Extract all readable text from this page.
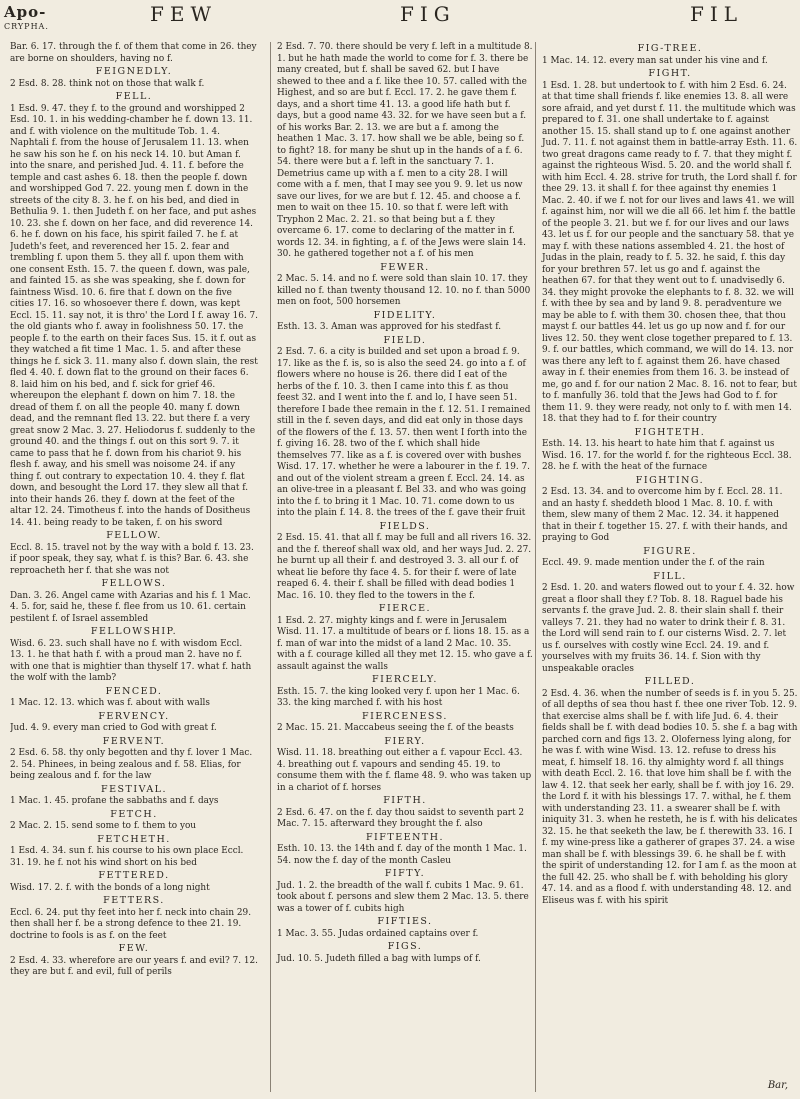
Apo-
CRYPHA.
FEW	FIG	FIL
Bar. 6. 17. through the f. of them that come in 26. they are borne on shoulders, having no f.
FEIGNEDLY.
2 Esd. 8. 28. think not on those that walk f.
FELL.
1 Esd. 9. 47. they f. to the ground and worshipped 2 Esd. 10. 1. in his wedding-chamber he f. down 13. 11. and f. with violence on the multitude Tob. 1. 4. Naphtali f. from the house of Jerusalem 11. 13. when he saw his son he f. on his neck 14. 10. but Aman f. into the snare, and perished Jud. 4. 11. f. before the temple and cast ashes 6. 18. then the people f. down and worshipped God 7. 22. young men f. down in the streets of the city 8. 3. he f. on his bed, and died in Bethulia 9. 1. then Judeth f. on her face, and put ashes 10. 23. she f. down on her face, and did reverence 14. 6. he f. down on his face, his spirit failed 7. he f. at Judeth's feet, and reverenced her 15. 2. fear and trembling f. upon them 5. they all f. upon them with one consent Esth. 15. 7. the queen f. down, was pale, and fainted 15. as she was speaking, she f. down for faintness Wisd. 10. 6. fire that f. down on the five cities 17. 16. so whosoever there f. down, was kept Eccl. 15. 11. say not, it is thro' the Lord I f. away 16. 7. the old giants who f. away in foolishness 50. 17. the people f. to the earth on their faces Sus. 15. it f. out as they watched a fit time 1 Mac. 1. 5. and after these things he f. sick 3. 11. many also f. down slain, the rest fled 4. 40. f. down flat to the ground on their faces 6. 8. laid him on his bed, and f. sick for grief 46. whereupon the elephant f. down on him 7. 18. the dread of them f. on all the people 40. many f. down dead, and the remnant fled 13. 22. but there f. a very great snow 2 Mac. 3. 27. Heliodorus f. suddenly to the ground 40. and the things f. out on this sort 9. 7. it came to pass that he f. down from his chariot 9. his flesh f. away, and his smell was noisome 24. if any thing f. out contrary to expectation 10. 4. they f. flat down, and besought the Lord 17. they slew all that f. into their hands 26. they f. down at the feet of the altar 12. 24. Timotheus f. into the hands of Dositheus 14. 41. being ready to be taken, f. on his sword
FELLOW.
Eccl. 8. 15. travel not by the way with a bold f. 13. 23. if poor speak, they say, what f. is this? Bar. 6. 43. she reproacheth her f. that she was not
FELLOWS.
Dan. 3. 26. Angel came with Azarias and his f. 1 Mac. 4. 5. for, said he, these f. flee from us 10. 61. certain pestilent f. of Israel assembled
FELLOWSHIP.
Wisd. 6. 23. such shall have no f. with wisdom Eccl. 13. 1. he that hath f. with a proud man 2. have no f. with one that is mightier than thyself 17. what f. hath the wolf with the lamb?
FENCED.
1 Mac. 12. 13. which was f. about with walls
FERVENCY.
Jud. 4. 9. every man cried to God with great f.
FERVENT.
2 Esd. 6. 58. thy only begotten and thy f. lover 1 Mac. 2. 54. Phinees, in being zealous and f. 58. Elias, for being zealous and f. for the law
FESTIVAL.
1 Mac. 1. 45. profane the sabbaths and f. days
FETCH.
2 Mac. 2. 15. send some to f. them to you
FETCHETH.
1 Esd. 4. 34. sun f. his course to his own place Eccl. 31. 19. he f. not his wind short on his bed
FETTERED.
Wisd. 17. 2. f. with the bonds of a long night
FETTERS.
Eccl. 6. 24. put thy feet into her f. neck into chain 29. then shall her f. be a strong defence to thee 21. 19. doctrine to fools is as f. on the feet
FEW.
2 Esd. 4. 33. wherefore are our years f. and evil? 7. 12. they are but f. and evil, full of perils
2 Esd. 7. 70. there should be very f. left in a multitude 8. 1. but he hath made the world to come for f. 3. there be many created, but f. shall be saved 62. but I have shewed to thee and a f. like thee 10. 57. called with the Highest, and so are but f. Eccl. 17. 2. he gave them f. days, and a short time 41. 13. a good life hath but f. days, but a good name 43. 32. for we have seen but a f. of his works Bar. 2. 13. we are but a f. among the heathen 1 Mac. 3. 17. how shall we be able, being so f. to fight? 18. for many be shut up in the hands of a f. 6. 54. there were but a f. left in the sanctuary 7. 1. Demetrius came up with a f. men to a city 28. I will come with a f. men, that I may see you 9. 9. let us now save our lives, for we are but f. 12. 45. and choose a f. men to wait on thee 15. 10. so that f. were left with Tryphon 2 Mac. 2. 21. so that being but a f. they overcame 6. 17. come to declaring of the matter in f. words 12. 34. in fighting, a f. of the Jews were slain 14. 30. he gathered together not a f. of his men
FEWER.
2 Mac. 5. 14. and no f. were sold than slain 10. 17. they killed no f. than twenty thousand 12. 10. no f. than 5000 men on foot, 500 horsemen
FIDELITY.
Esth. 13. 3. Aman was approved for his stedfast f.
FIELD.
2 Esd. 7. 6. a city is builded and set upon a broad f. 9. 17. like as the f. is, so is also the seed 24. go into a f. of flowers where no house is 26. there did I eat of the herbs of the f. 10. 3. then I came into this f. as thou feest 32. and I went into the f. and lo, I have seen 51. therefore I bade thee remain in the f. 12. 51. I remained still in the f. seven days, and did eat only in those days of the flowers of the f. 13. 57. then went I forth into the f. giving 16. 28. two of the f. which shall hide themselves 77. like as a f. is covered over with bushes Wisd. 17. 17. whether he were a labourer in the f. 19. 7. and out of the violent stream a green f. Eccl. 24. 14. as an olive-tree in a pleasant f. Bel 33. and who was going into the f. to bring it 1 Mac. 10. 71. come down to us into the plain f. 14. 8. the trees of the f. gave their fruit
FIELDS.
2 Esd. 15. 41. that all f. may be full and all rivers 16. 32. and the f. thereof shall wax old, and her ways Jud. 2. 27. he burnt up all their f. and destroyed 3. 3. all our f. of wheat lie before thy face 4. 5. for their f. were of late reaped 6. 4. their f. shall be filled with dead bodies 1 Mac. 16. 10. they fled to the towers in the f.
FIERCE.
1 Esd. 2. 27. mighty kings and f. were in Jerusalem Wisd. 11. 17. a multitude of bears or f. lions 18. 15. as a f. man of war into the midst of a land 2 Mac. 10. 35. with a f. courage killed all they met 12. 15. who gave a f. assault against the walls
FIERCELY.
Esth. 15. 7. the king looked very f. upon her 1 Mac. 6. 33. the king marched f. with his host
FIERCENESS.
2 Mac. 15. 21. Maccabeus seeing the f. of the beasts
FIERY.
Wisd. 11. 18. breathing out either a f. vapour Eccl. 43. 4. breathing out f. vapours and sending 45. 19. to consume them with the f. flame 48. 9. who was taken up in a chariot of f. horses
FIFTH.
2 Esd. 6. 47. on the f. day thou saidst to seventh part 2 Mac. 7. 15. afterward they brought the f. also
FIFTEENTH.
Esth. 10. 13. the 14th and f. day of the month 1 Mac. 1. 54. now the f. day of the month Casleu
FIFTY.
Jud. 1. 2. the breadth of the wall f. cubits 1 Mac. 9. 61. took about f. persons and slew them 2 Mac. 13. 5. there was a tower of f. cubits high
FIFTIES.
1 Mac. 3. 55. Judas ordained captains over f.
FIGS.
Jud. 10. 5. Judeth filled a bag with lumps of f.
FIG-TREE.
1 Mac. 14. 12. every man sat under his vine and f.
FIGHT.
1 Esd. 1. 28. but undertook to f. with him 2 Esd. 6. 24. at that time shall friends f. like enemies 13. 8. all were sore afraid, and yet durst f. 11. the multitude which was prepared to f. 31. one shall undertake to f. against another 15. 15. shall stand up to f. one against another Jud. 7. 11. f. not against them in battle-array Esth. 11. 6. two great dragons came ready to f. 7. that they might f. against the righteous Wisd. 5. 20. and the world shall f. with him Eccl. 4. 28. strive for truth, the Lord shall f. for thee 29. 13. it shall f. for thee against thy enemies 1 Mac. 2. 40. if we f. not for our lives and laws 41. we will f. against him, nor will we die all 66. let him f. the battle of the people 3. 21. but we f. for our lives and our laws 43. let us f. for our people and the sanctuary 58. that ye may f. with these nations assembled 4. 21. the host of Judas in the plain, ready to f. 5. 32. he said, f. this day for your brethren 57. let us go and f. against the heathen 67. for that they went out to f. unadvisedly 6. 34. they might provoke the elephants to f. 8. 32. we will f. with thee by sea and by land 9. 8. peradventure we may be able to f. with them 30. chosen thee, that thou mayst f. our battles 44. let us go up now and f. for our lives 12. 50. they went close together prepared to f. 13. 9. f. our battles, which command, we will do 14. 13. nor was there any left to f. against them 26. have chased away in f. their enemies from them 16. 3. be instead of me, go and f. for our nation 2 Mac. 8. 16. not to fear, but to f. manfully 36. told that the Jews had God to f. for them 11. 9. they were ready, not only to f. with men 14. 18. that they had to f. for their country
FIGHTETH.
Esth. 14. 13. his heart to hate him that f. against us Wisd. 16. 17. for the world f. for the righteous Eccl. 38. 28. he f. with the heat of the furnace
FIGHTING.
2 Esd. 13. 34. and to overcome him by f. Eccl. 28. 11. and an hasty f. sheddeth blood 1 Mac. 8. 10. f. with them, slew many of them 2 Mac. 12. 34. it happened that in their f. together 15. 27. f. with their hands, and praying to God
FIGURE.
Eccl. 49. 9. made mention under the f. of the rain
FILL.
2 Esd. 1. 20. and waters flowed out to your f. 4. 32. how great a floor shall they f.? Tob. 8. 18. Raguel bade his servants f. the grave Jud. 2. 8. their slain shall f. their valleys 7. 21. they had no water to drink their f. 8. 31. the Lord will send rain to f. our cisterns Wisd. 2. 7. let us f. ourselves with costly wine Eccl. 24. 19. and f. yourselves with my fruits 36. 14. f. Sion with thy unspeakable oracles
FILLED.
2 Esd. 4. 36. when the number of seeds is f. in you 5. 25. of all depths of sea thou hast f. thee one river Tob. 12. 9. that exercise alms shall be f. with life Jud. 6. 4. their fields shall be f. with dead bodies 10. 5. she f. a bag with parched corn and figs 13. 2. Oloferness lying along, for he was f. with wine Wisd. 13. 12. refuse to dress his meat, f. himself 18. 16. thy almighty word f. all things with death Eccl. 2. 16. that love him shall be f. with the law 4. 12. that seek her early, shall be f. with joy 16. 29. the Lord f. it with his blessings 17. 7. withal, he f. them with understanding 23. 11. a swearer shall be f. with iniquity 31. 3. when he resteth, he is f. with his delicates 32. 15. he that seeketh the law, be f. therewith 33. 16. I f. my wine-press like a gatherer of grapes 37. 24. a wise man shall be f. with blessings 39. 6. he shall be f. with the spirit of understanding 12. for I am f. as the moon at the full 42. 25. who shall be f. with beholding his glory 47. 14. and as a flood f. with understanding 48. 12. and Eliseus was f. with his spirit
Bar,
